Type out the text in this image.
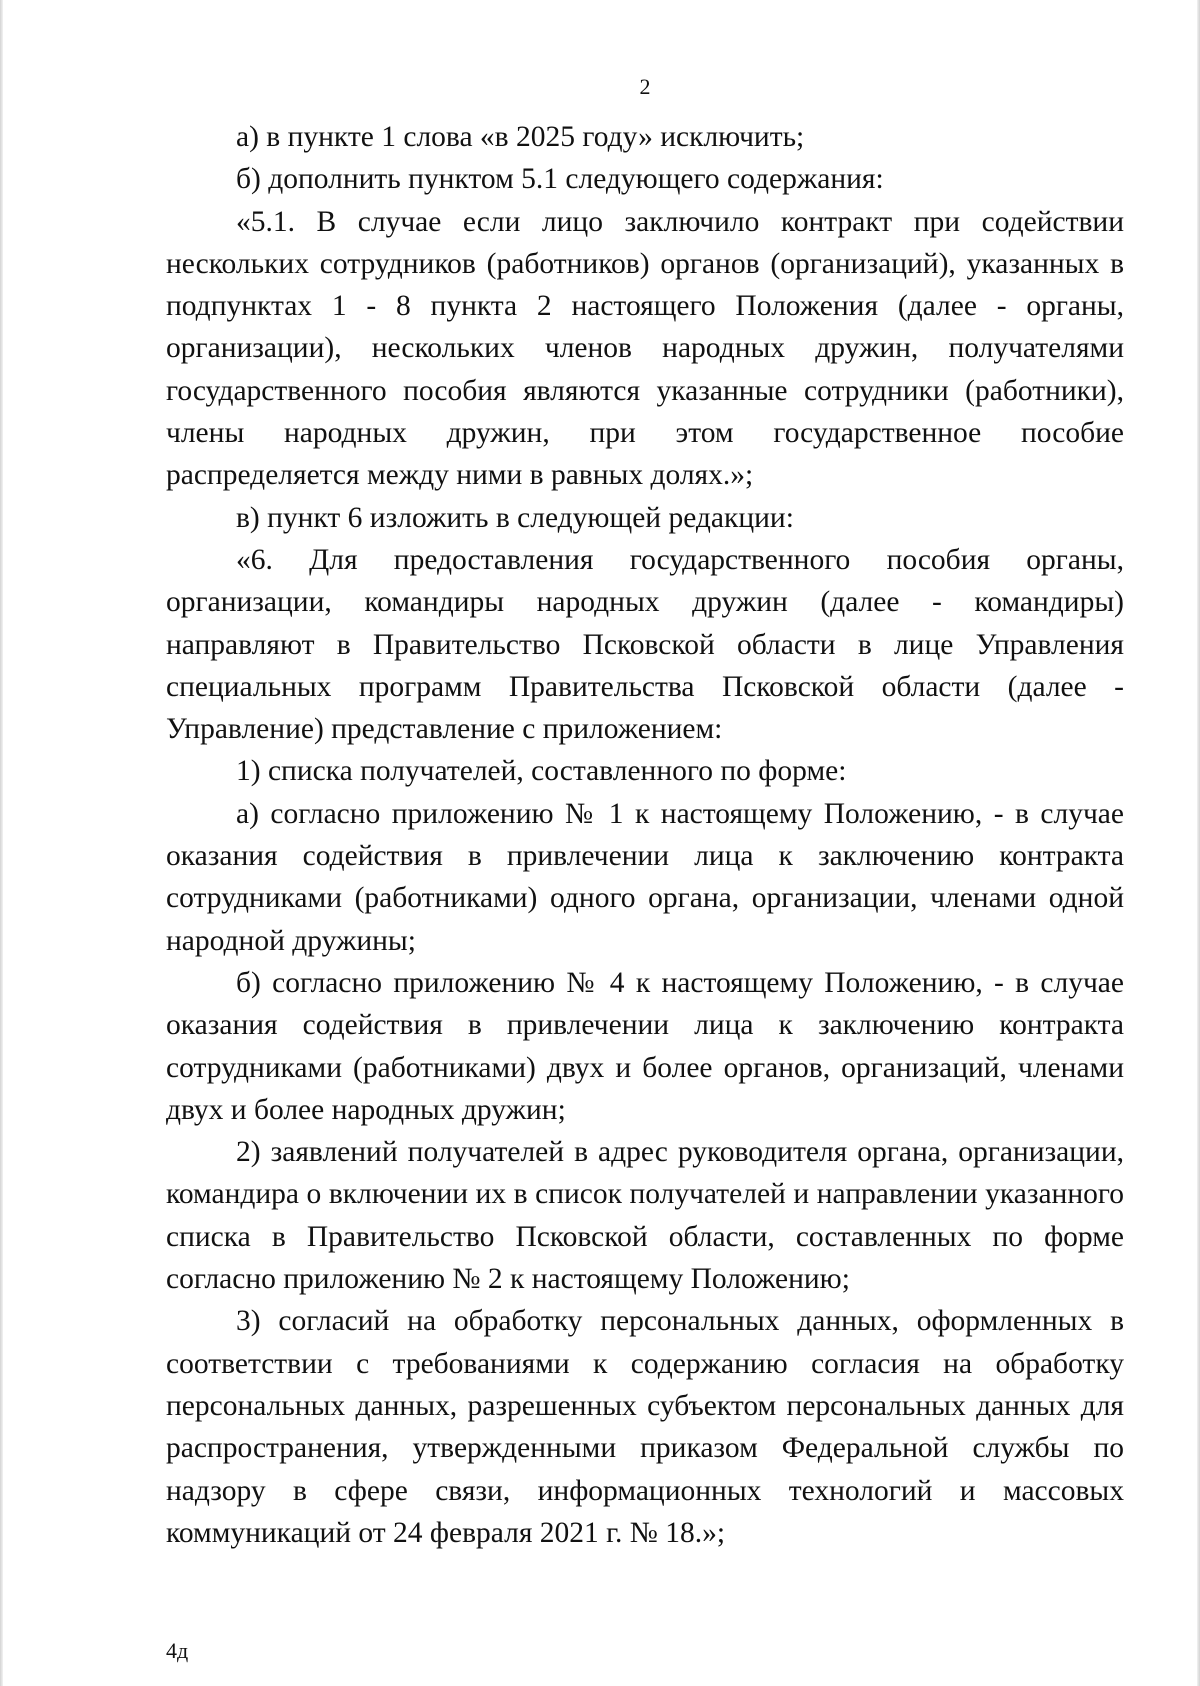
2

а) в пункте 1 слова «в 2025 году» исключить;

б) дополнить пунктом 5.1 следующего содержания:

«5.1. В случае если лицо заключило контракт при содействии нескольких сотрудников (работников) органов (организаций), указанных в подпунктах 1 - 8 пункта 2 настоящего Положения (далее - органы, организации), нескольких членов народных дружин, получателями государственного пособия являются указанные сотрудники (работники), члены народных дружин, при этом государственное пособие распределяется между ними в равных долях.»;

в) пункт 6 изложить в следующей редакции:

«6. Для предоставления государственного пособия органы, организации, командиры народных дружин (далее - командиры) направляют в Правительство Псковской области в лице Управления специальных программ Правительства Псковской области (далее - Управление) представление с приложением:

1) списка получателей, составленного по форме:

а) согласно приложению № 1 к настоящему Положению, - в случае оказания содействия в привлечении лица к заключению контракта сотрудниками (работниками) одного органа, организации, членами одной народной дружины;

б) согласно приложению № 4 к настоящему Положению, - в случае оказания содействия в привлечении лица к заключению контракта сотрудниками (работниками) двух и более органов, организаций, членами двух и более народных дружин;

2) заявлений получателей в адрес руководителя органа, организации, командира о включении их в список получателей и направлении указанного списка в Правительство Псковской области, составленных по форме согласно приложению № 2 к настоящему Положению;

3) согласий на обработку персональных данных, оформленных в соответствии с требованиями к содержанию согласия на обработку персональных данных, разрешенных субъектом персональных данных для распространения, утвержденными приказом Федеральной службы по надзору в сфере связи, информационных технологий и массовых коммуникаций от 24 февраля 2021 г. № 18.»;

4д
